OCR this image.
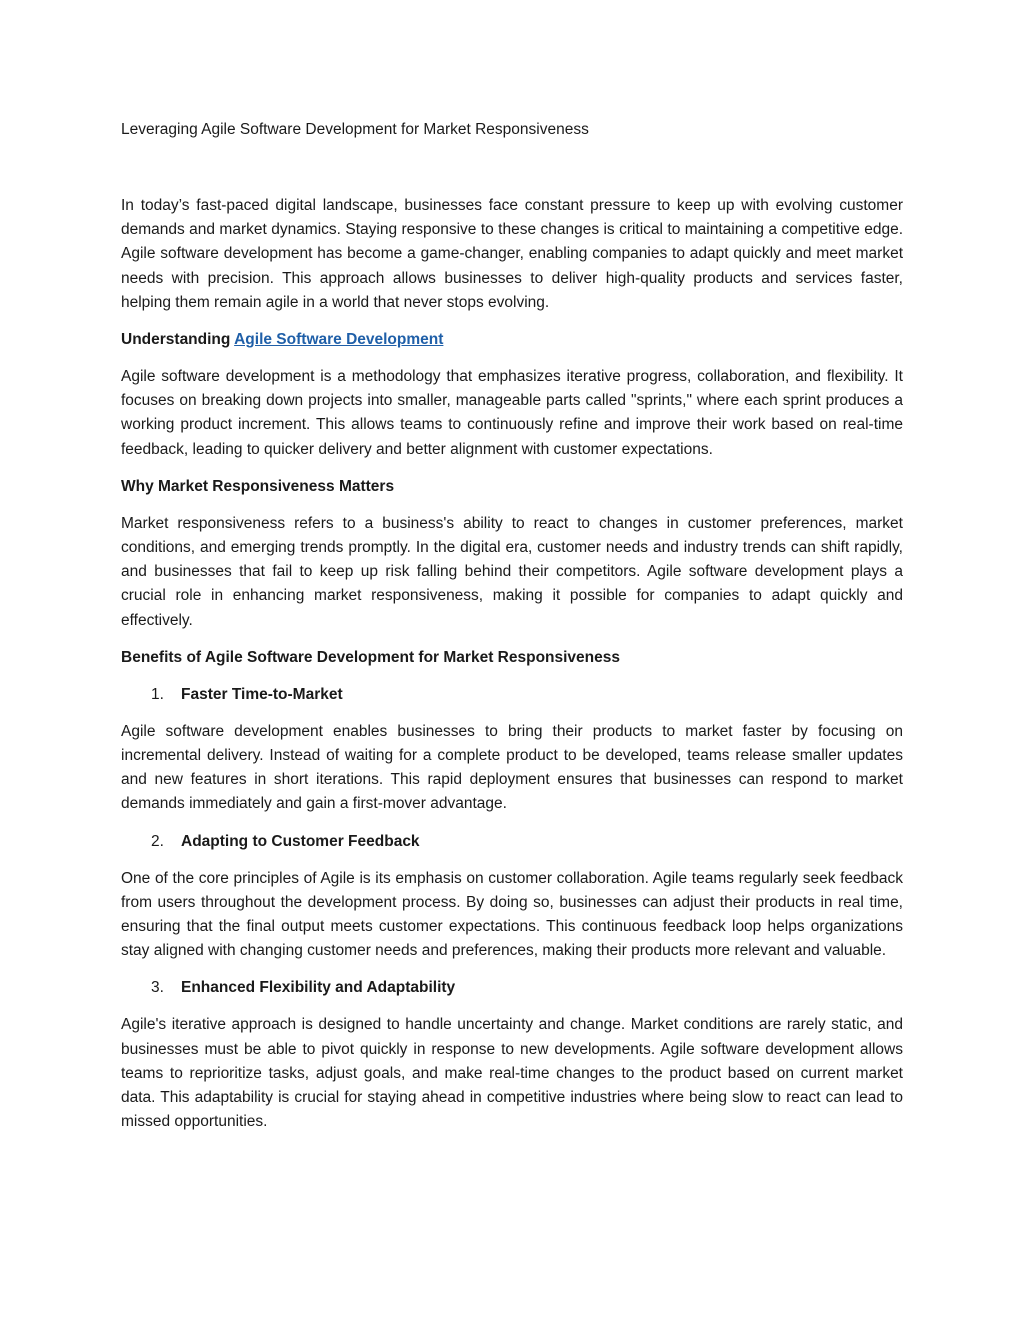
Leveraging Agile Software Development for Market Responsiveness

In today’s fast-paced digital landscape, businesses face constant pressure to keep up with evolving customer demands and market dynamics. Staying responsive to these changes is critical to maintaining a competitive edge. Agile software development has become a game-changer, enabling companies to adapt quickly and meet market needs with precision. This approach allows businesses to deliver high-quality products and services faster, helping them remain agile in a world that never stops evolving.

Understanding Agile Software Development

Agile software development is a methodology that emphasizes iterative progress, collaboration, and flexibility. It focuses on breaking down projects into smaller, manageable parts called "sprints," where each sprint produces a working product increment. This allows teams to continuously refine and improve their work based on real-time feedback, leading to quicker delivery and better alignment with customer expectations.

Why Market Responsiveness Matters

Market responsiveness refers to a business's ability to react to changes in customer preferences, market conditions, and emerging trends promptly. In the digital era, customer needs and industry trends can shift rapidly, and businesses that fail to keep up risk falling behind their competitors. Agile software development plays a crucial role in enhancing market responsiveness, making it possible for companies to adapt quickly and effectively.

Benefits of Agile Software Development for Market Responsiveness
1.	Faster Time-to-Market

Agile software development enables businesses to bring their products to market faster by focusing on incremental delivery. Instead of waiting for a complete product to be developed, teams release smaller updates and new features in short iterations. This rapid deployment ensures that businesses can respond to market demands immediately and gain a first-mover advantage.

2.	Adapting to Customer Feedback

One of the core principles of Agile is its emphasis on customer collaboration. Agile teams regularly seek feedback from users throughout the development process. By doing so, businesses can adjust their products in real time, ensuring that the final output meets customer expectations. This continuous feedback loop helps organizations stay aligned with changing customer needs and preferences, making their products more relevant and valuable.

3.	Enhanced Flexibility and Adaptability

Agile's iterative approach is designed to handle uncertainty and change. Market conditions are rarely static, and businesses must be able to pivot quickly in response to new developments. Agile software development allows teams to reprioritize tasks, adjust goals, and make real-time changes to the product based on current market data. This adaptability is crucial for staying ahead in competitive industries where being slow to react can lead to missed opportunities.
